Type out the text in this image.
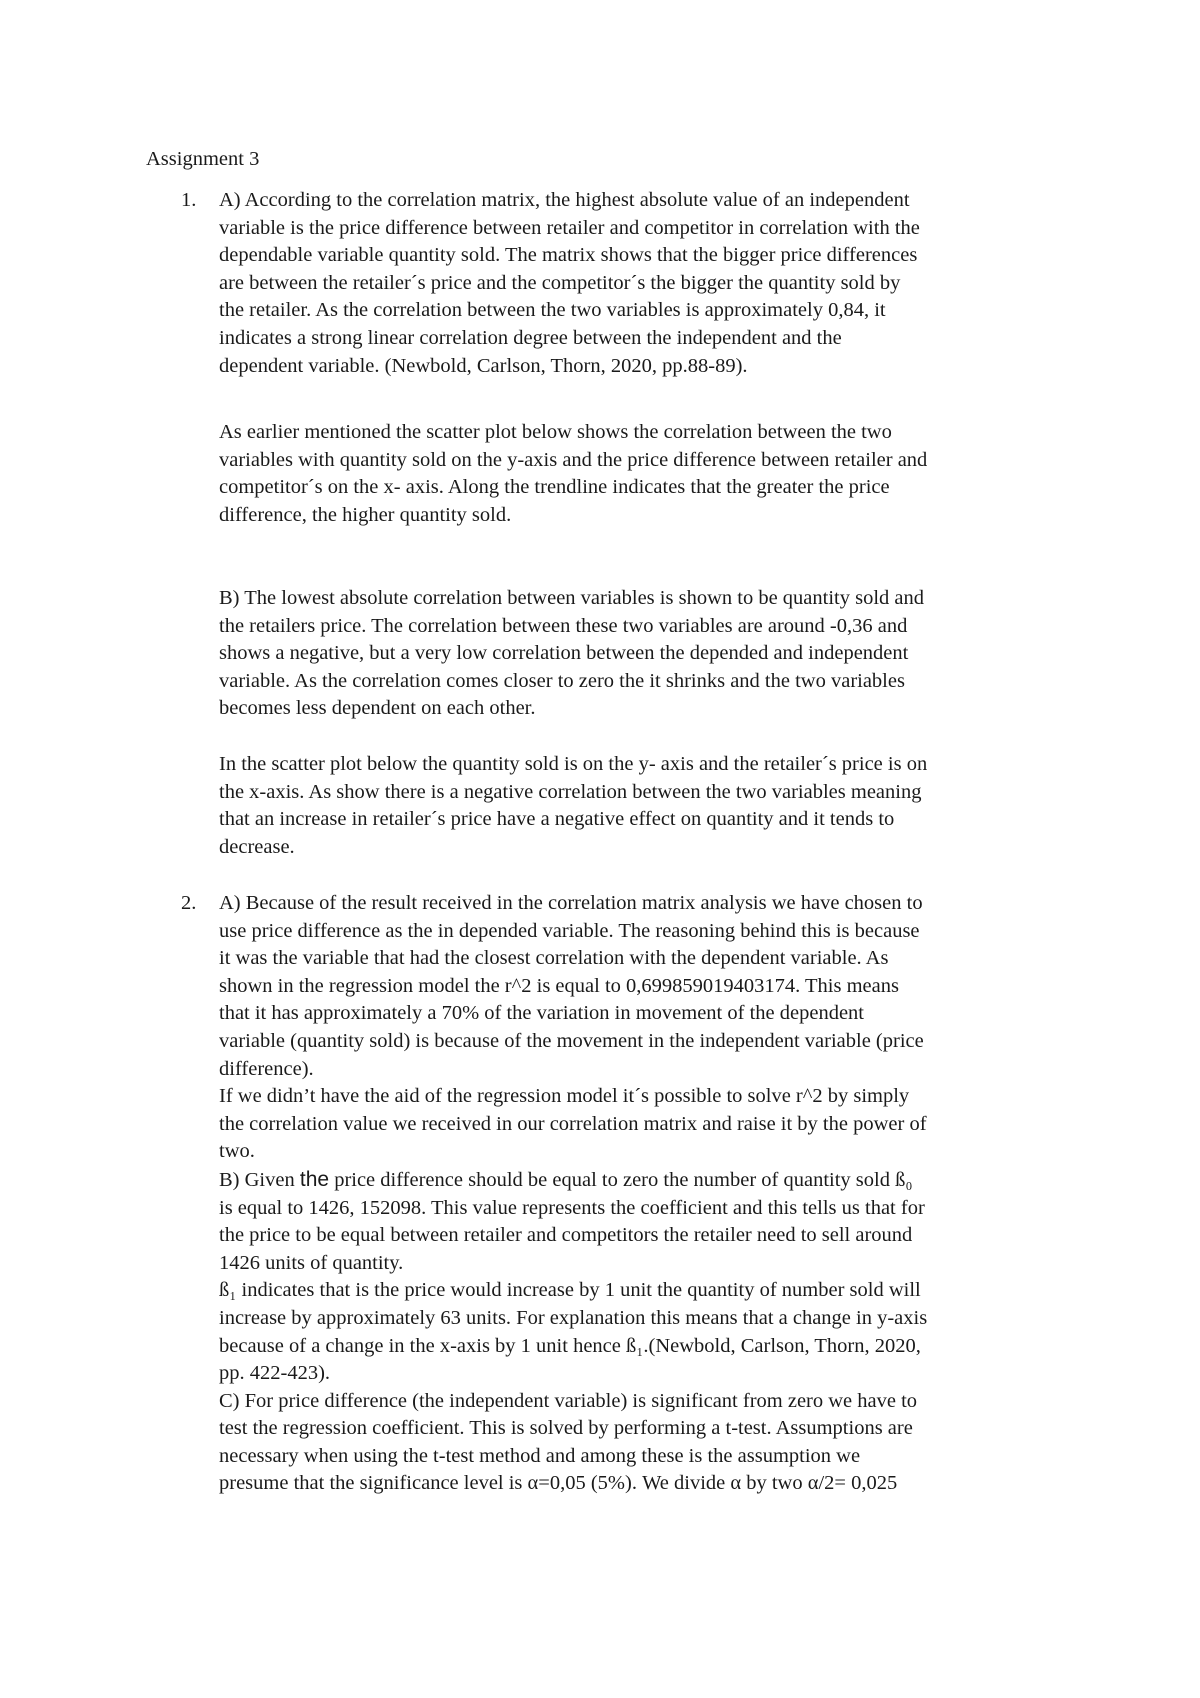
Assignment 3
1. A) According to the correlation matrix, the highest absolute value of an independent
variable is the price difference between retailer and competitor in correlation with the
dependable variable quantity sold. The matrix shows that the bigger price differences
are between the retailer´s price and the competitor´s the bigger the quantity sold by
the retailer. As the correlation between the two variables is approximately 0,84, it
indicates a strong linear correlation degree between the independent and the
dependent variable. (Newbold, Carlson, Thorn, 2020, pp.88-89).

As earlier mentioned the scatter plot below shows the correlation between the two
variables with quantity sold on the y-axis and the price difference between retailer and
competitor´s on the x- axis. Along the trendline indicates that the greater the price
difference, the higher quantity sold.

B) The lowest absolute correlation between variables is shown to be quantity sold and
the retailers price. The correlation between these two variables are around -0,36 and
shows a negative, but a very low correlation between the depended and independent
variable. As the correlation comes closer to zero the it shrinks and the two variables
becomes less dependent on each other.

In the scatter plot below the quantity sold is on the y- axis and the retailer´s price is on
the x-axis. As show there is a negative correlation between the two variables meaning
that an increase in retailer´s price have a negative effect on quantity and it tends to
decrease.

2. A) Because of the result received in the correlation matrix analysis we have chosen to
use price difference as the in depended variable. The reasoning behind this is because
it was the variable that had the closest correlation with the dependent variable. As
shown in the regression model the r^2 is equal to 0,699859019403174. This means
that it has approximately a 70% of the variation in movement of the dependent
variable (quantity sold) is because of the movement in the independent variable (price
difference).
If we didn’t have the aid of the regression model it´s possible to solve r^2 by simply
the correlation value we received in our correlation matrix and raise it by the power of
two.
B) Given the price difference should be equal to zero the number of quantity sold ß₀
is equal to 1426, 152098. This value represents the coefficient and this tells us that for
the price to be equal between retailer and competitors the retailer need to sell around
1426 units of quantity.
ß₁ indicates that is the price would increase by 1 unit the quantity of number sold will
increase by approximately 63 units. For explanation this means that a change in y-axis
because of a change in the x-axis by 1 unit hence ß₁.(Newbold, Carlson, Thorn, 2020,
pp. 422-423).
C) For price difference (the independent variable) is significant from zero we have to
test the regression coefficient. This is solved by performing a t-test. Assumptions are
necessary when using the t-test method and among these is the assumption we
presume that the significance level is α=0,05 (5%). We divide α by two α/2= 0,025
